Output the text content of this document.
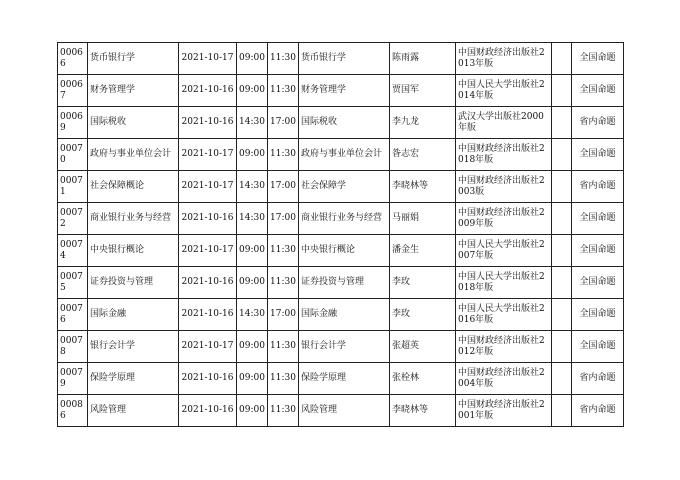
00066	货币银行学	2021-10-17	09:00	11:30	货币银行学	陈雨露	中国财政经济出版社2013年版		全国命题
00067	财务管理学	2021-10-16	09:00	11:30	财务管理学	贾国军	中国人民大学出版社2014年版		全国命题
00069	国际税收	2021-10-16	14:30	17:00	国际税收	李九龙	武汉大学出版社2000年版		省内命题
00070	政府与事业单位会计	2021-10-17	09:00	11:30	政府与事业单位会计	昝志宏	中国财政经济出版社2018年版		全国命题
00071	社会保障概论	2021-10-17	14:30	17:00	社会保障学	李晓林等	中国财政经济出版社2003版		省内命题
00072	商业银行业务与经营	2021-10-16	14:30	17:00	商业银行业务与经营	马丽娟	中国财政经济出版社2009年版		全国命题
00074	中央银行概论	2021-10-17	09:00	11:30	中央银行概论	潘金生	中国人民大学出版社2007年版		全国命题
00075	证券投资与管理	2021-10-16	09:00	11:30	证券投资与管理	李玫	中国人民大学出版社2018年版		全国命题
00076	国际金融	2021-10-16	14:30	17:00	国际金融	李玫	中国人民大学出版社2016年版		全国命题
00078	银行会计学	2021-10-17	09:00	11:30	银行会计学	张超英	中国财政经济出版社2012年版		全国命题
00079	保险学原理	2021-10-16	09:00	11:30	保险学原理	张栓林	中国财政经济出版社2004年版		省内命题
00086	风险管理	2021-10-16	09:00	11:30	风险管理	李晓林等	中国财政经济出版社2001年版		省内命题
